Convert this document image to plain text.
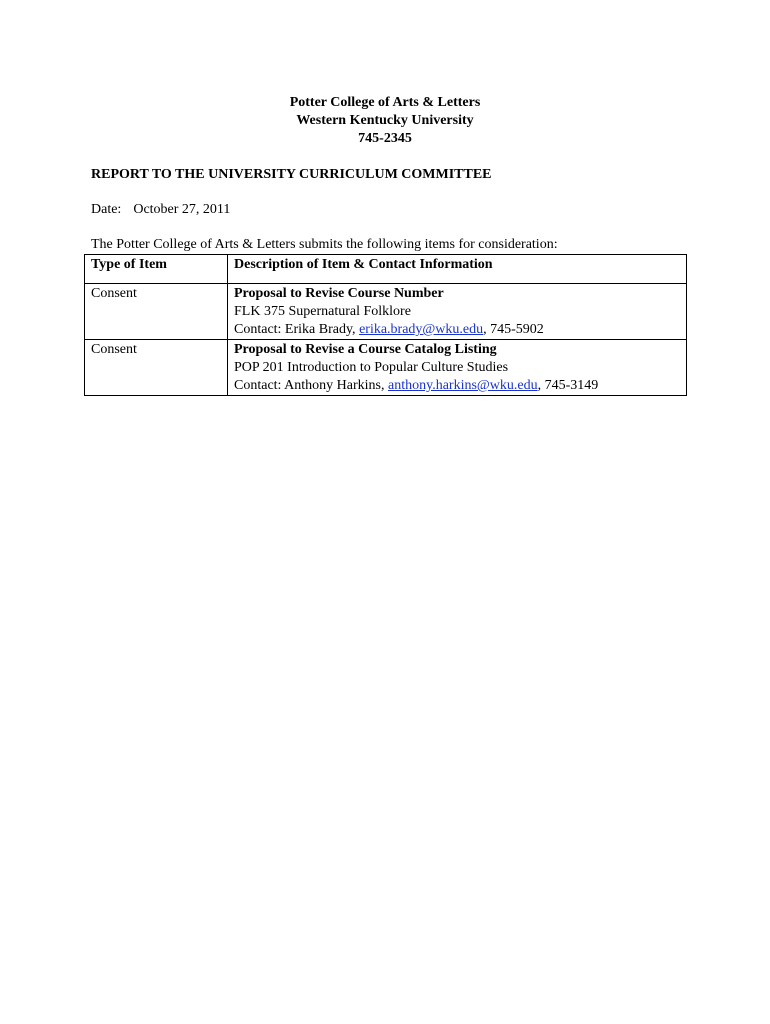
Potter College of Arts & Letters
Western Kentucky University
745-2345
REPORT TO THE UNIVERSITY CURRICULUM COMMITTEE
Date: October 27, 2011
The Potter College of Arts & Letters submits the following items for consideration:
Type of Item	Description of Item & Contact Information
Consent	Proposal to Revise Course Number
FLK 375 Supernatural Folklore
Contact: Erika Brady, erika.brady@wku.edu, 745-5902

Consent	Proposal to Revise a Course Catalog Listing
POP 201 Introduction to Popular Culture Studies
Contact: Anthony Harkins, anthony.harkins@wku.edu, 745-3149
